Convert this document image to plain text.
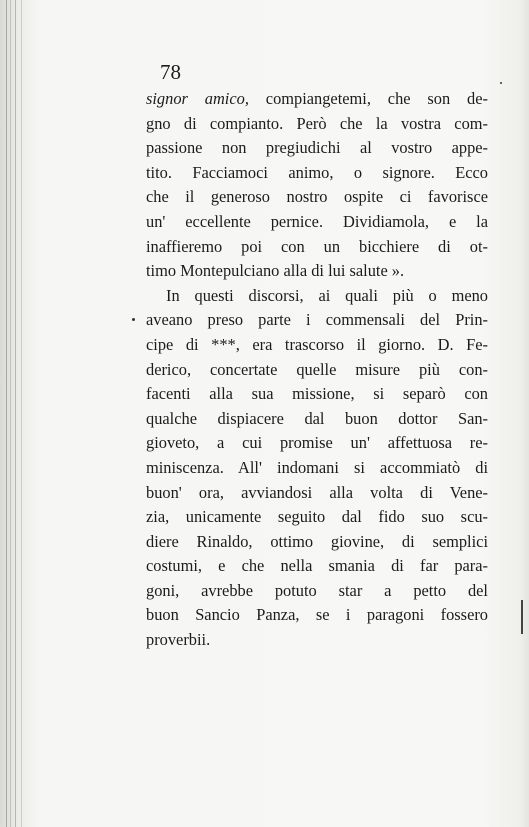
78
signor amico, compiangetemi, che son de-
gno di compianto. Però che la vostra com-
passione non pregiudichi al vostro appe-
tito. Facciamoci animo, o signore. Ecco
che il generoso nostro ospite ci favorisce
un' eccellente pernice. Dividiamola, e la
inaffieremo poi con un bicchiere di ot-
timo Montepulciano alla di lui salute ».
In questi discorsi, ai quali più o meno
aveano preso parte i commensali del Prin-
cipe di ***, era trascorso il giorno. D. Fe-
derico, concertate quelle misure più con-
facenti alla sua missione, si separò con
qualche dispiacere dal buon dottor San-
gioveto, a cui promise un' affettuosa re-
miniscenza. All' indomani si accommiatò di
buon' ora, avviandosi alla volta di Vene-
zia, unicamente seguito dal fido suo scu-
diere Rinaldo, ottimo giovine, di semplici
costumi, e che nella smania di far para-
goni, avrebbe potuto star a petto del
buon Sancio Panza, se i paragoni fossero
proverbii.
